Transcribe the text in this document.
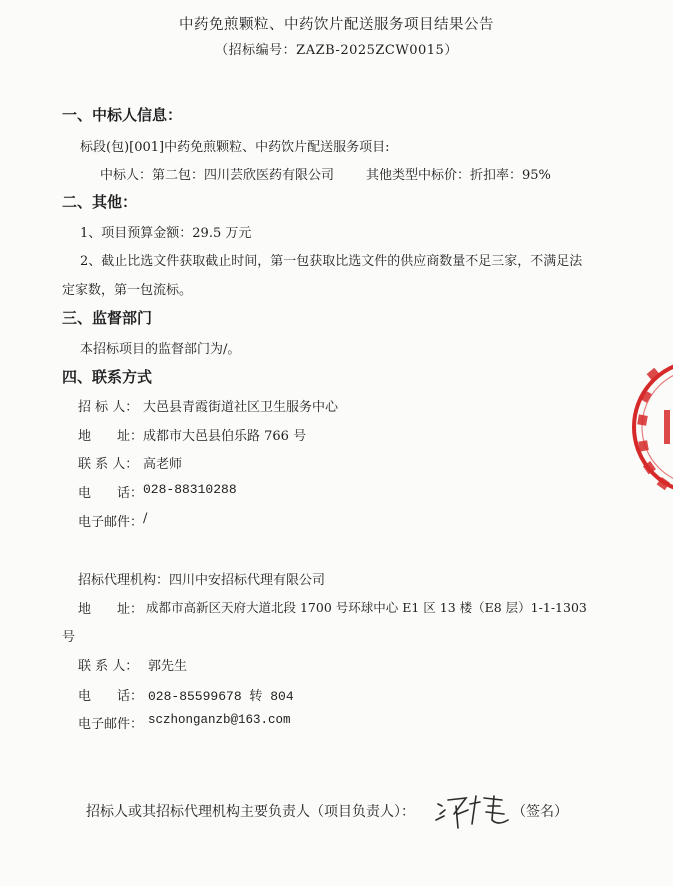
中药免煎颗粒、中药饮片配送服务项目结果公告
（招标编号：ZAZB-2025ZCW0015）
一、中标人信息：
标段(包)[001]中药免煎颗粒、中药饮片配送服务项目:
中标人：第二包：四川芸欣医药有限公司 其他类型中标价：折扣率：95%
二、其他：
1、项目预算金额：29.5 万元
2、截止比选文件获取截止时间，第一包获取比选文件的供应商数量不足三家，不满足法
定家数，第一包流标。
三、监督部门
本招标项目的监督部门为/。
四、联系方式
招 标 人： 大邑县青霞街道社区卫生服务中心
地　　址： 成都市大邑县伯乐路 766 号
联 系 人： 高老师
电　　话： 028-88310288
电子邮件： /
招标代理机构： 四川中安招标代理有限公司
地　　址： 成都市高新区天府大道北段 1700 号环球中心 E1 区 13 楼（E8 层）1-1-1303
号
联 系 人： 郭先生
电　　话： 028-85599678 转 804
电子邮件： sczhonganzb@163.com
招标人或其招标代理机构主要负责人（项目负责人）：	（签名）
